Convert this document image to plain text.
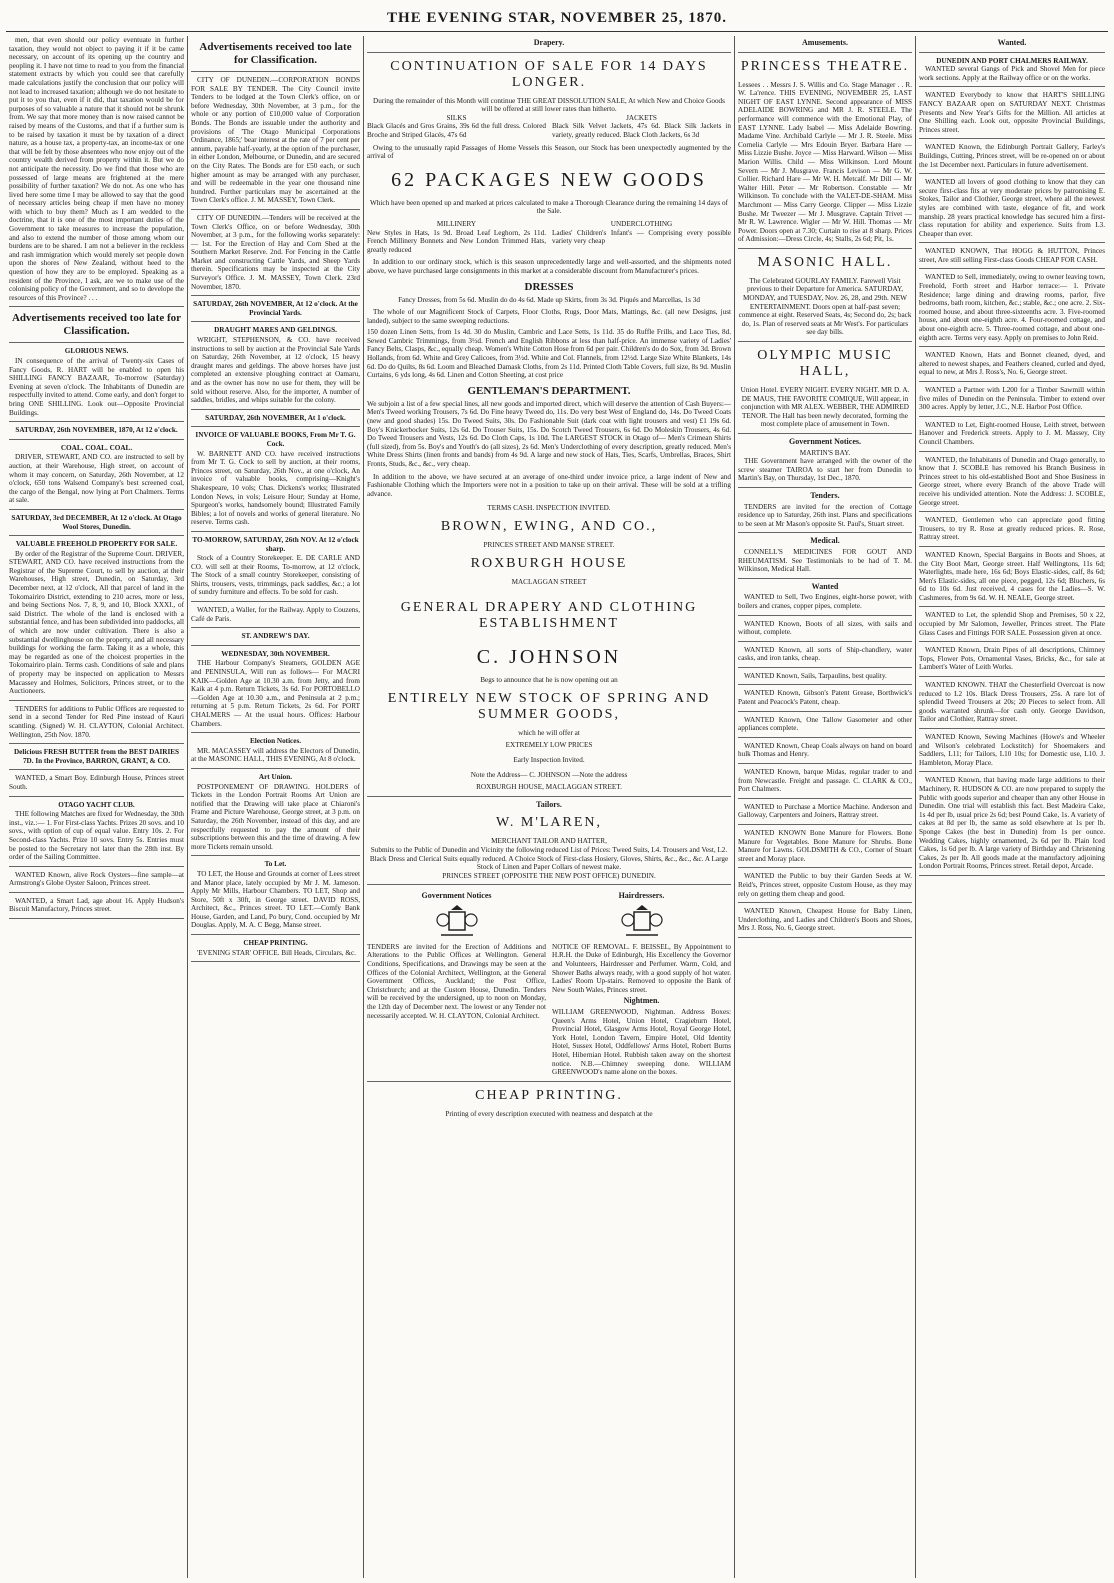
THE EVENING STAR, NOVEMBER 25, 1870.

men, that even should our policy eventuate in further taxation, they would not object to paying it if it be came necessary, on account of its opening up the country and peopling it. I have not time to read to you from the financial statement extracts by which you could see that carefully made calculations justify the conclusion that our policy will not lead to increased taxation; although we do not hesitate to put it to you that, even if it did, that taxation would be for purposes of so valuable a nature that it should not be shrunk from. We say that more money than is now raised cannot be raised by means of the Customs, and that if a further sum is to be raised by taxation it must be by taxation of a direct nature, as a house tax, a property-tax, an income-tax or one that will be felt by those absentees who now enjoy out of the country wealth derived from property within it. But we do not anticipate the necessity. Do we find that those who are possessed of large means are frightened at the mere possibility of further taxation? We do not. As one who has lived here some time I may be allowed to say that the good of necessary articles being cheap if men have no money with which to buy them? Much as I am wedded to the doctrine, that it is one of the most important duties of the Government to take measures to increase the population, and also to extend the number of those among whom our burdens are to be shared. I am not a believer in the reckless and rash immigration which would merely set people down upon the shores of New Zealand, without heed to the question of how they are to be employed. Speaking as a resident of the Province, I ask, are we to make use of the colonising policy of the Government, and so to develope the resources of this Province? . . .

Advertisements received too late for Classification.
GLORIOUS NEWS.

IN consequence of the arrival of Twenty-six Cases of Fancy Goods, R. HART will be enabled to open his SHILLING FANCY BAZAAR, To-morrow (Saturday) Evening at seven o'clock. The Inhabitants of Dunedin are respectfully invited to attend. Come early, and don't forget to bring ONE SHILLING. Look out—Opposite Provincial Buildings.

SATURDAY, 26th NOVEMBER, 1870, At 12 o'clock.
COAL. COAL. COAL.

DRIVER, STEWART, AND CO. are instructed to sell by auction, at their Warehouse, High street, on account of whom it may concern, on Saturday, 26th November, at 12 o'clock, 650 tons Walsend Company's best screened coal, the cargo of the Bengal, now lying at Port Chalmers. Terms at sale.

SATURDAY, 3rd DECEMBER, At 12 o'clock. At Otago Wool Stores, Dunedin.
VALUABLE FREEHOLD PROPERTY FOR SALE.

By order of the Registrar of the Supreme Court. DRIVER, STEWART, AND CO. have received instructions from the Registrar of the Supreme Court, to sell by auction, at their Warehouses, High street, Dunedin, on Saturday, 3rd December next, at 12 o'clock, All that parcel of land in the Tokomairiro District, extending to 210 acres, more or less, and being Sections Nos. 7, 8, 9, and 10, Block XXXI., of said District. The whole of the land is enclosed with a substantial fence, and has been subdivided into paddocks, all of which are now under cultivation. There is also a substantial dwellinghouse on the property, and all necessary buildings for working the farm. Taking it as a whole, this may be regarded as one of the choicest properties in the Tokomairiro plain. Terms cash. Conditions of sale and plans of property may be inspected on application to Messrs Macassey and Holmes, Solicitors, Princes street, or to the Auctioneers.

TENDERS for additions to Public Offices are requested to send in a second Tender for Red Pine instead of Kauri scantling. (Signed) W. H. CLAYTON, Colonial Architect. Wellington, 25th Nov. 1870.

Delicious FRESH BUTTER from the BEST DAIRIES 7D. In the Province, BARRON, GRANT, & CO.

WANTED, a Smart Boy. Edinburgh House, Princes street South.

OTAGO YACHT CLUB.

THE following Matches are fixed for Wednesday, the 30th inst., viz.:— 1. For First-class Yachts. Prizes 20 sovs. and 10 sovs., with option of cup of equal value. Entry 10s. 2. For Second-class Yachts. Prize 10 sovs. Entry 5s. Entries must be posted to the Secretary not later than the 28th inst. By order of the Sailing Committee.

WANTED Known, alive Rock Oysters—fine sample—at Armstrong's Globe Oyster Saloon, Princes street.

WANTED, a Smart Lad, age about 16. Apply Hudson's Biscuit Manufactory, Princes street.

Advertisements received too late for Classification.

CITY OF DUNEDIN.—CORPORATION BONDS FOR SALE BY TENDER. The City Council invite Tenders to be lodged at the Town Clerk's office, on or before Wednesday, 30th November, at 3 p.m., for the whole or any portion of £10,000 value of Corporation Bonds. The Bonds are issuable under the authority and provisions of 'The Otago Municipal Corporations Ordinance, 1865;' bear interest at the rate of 7 per cent per annum, payable half-yearly, at the option of the purchaser, in either London, Melbourne, or Dunedin, and are secured on the City Rates. The Bonds are for £50 each, or such higher amount as may be arranged with any purchaser, and will be redeemable in the year one thousand nine hundred. Further particulars may be ascertained at the Town Clerk's office. J. M. MASSEY, Town Clerk.

CITY OF DUNEDIN.—Tenders will be received at the Town Clerk's Office, on or before Wednesday, 30th November, at 3 p.m., for the following works separately:— 1st. For the Erection of Hay and Corn Shed at the Southern Market Reserve. 2nd. For Fencing in the Cattle Market and constructing Cattle Yards, and Sheep Yards therein. Specifications may be inspected at the City Surveyor's Office. J. M. MASSEY, Town Clerk. 23rd November, 1870.

SATURDAY, 26th NOVEMBER, At 12 o'clock. At the Provincial Yards.
DRAUGHT MARES AND GELDINGS.

WRIGHT, STEPHENSON, & CO. have received instructions to sell by auction at the Provincial Sale Yards on Saturday, 26th November, at 12 o'clock, 15 heavy draught mares and geldings. The above horses have just completed an extensive ploughing contract at Oamaru, and as the owner has now no use for them, they will be sold without reserve. Also, for the importer, A number of saddles, bridles, and whips suitable for the colony.

SATURDAY, 26th NOVEMBER, At 1 o'clock.
INVOICE OF VALUABLE BOOKS, From Mr T. G. Cock.

W. BARNETT AND CO. have received instructions from Mr T. G. Cock to sell by auction, at their rooms, Princes street, on Saturday, 26th Nov., at one o'clock, An invoice of valuable books, comprising—Knight's Shakespeare, 10 vols; Chas. Dickens's works; Illustrated London News, in vols; Leisure Hour; Sunday at Home, Spurgeon's works, handsomely bound; Illustrated Family Bibles; a lot of novels and works of general literature. No reserve. Terms cash.

TO-MORROW, SATURDAY, 26th NOV. At 12 o'clock sharp.

Stock of a Country Storekeeper. E. DE CARLE AND CO. will sell at their Rooms, To-morrow, at 12 o'clock, The Stock of a small country Storekeeper, consisting of Shirts, trousers, vests, trimmings, pack saddles, &c.; a lot of sundry furniture and effects. To be sold for cash.

WANTED, a Waller, for the Railway. Apply to Couzens, Café de Paris.

ST. ANDREW'S DAY.
WEDNESDAY, 30th NOVEMBER.

THE Harbour Company's Steamers, GOLDEN AGE and PENINSULA, Will run as follows— For MACRI KAIK—Golden Age at 10.30 a.m. from Jetty, and from Kaik at 4 p.m. Return Tickets, 3s 6d. For PORTOBELLO—Golden Age at 10.30 a.m., and Peninsula at 2 p.m.; returning at 5 p.m. Return Tickets, 2s 6d. For PORT CHALMERS — At the usual hours. Offices: Harbour Chambers.

Election Notices.

MR. MACASSEY will address the Electors of Dunedin, at the MASONIC HALL, THIS EVENING, At 8 o'clock.

Art Union.

POSTPONEMENT OF DRAWING. HOLDERS of Tickets in the London Portrait Rooms Art Union are notified that the Drawing will take place at Chiaroni's Frame and Picture Warehouse, George street, at 3 p.m. on Saturday, the 26th November, instead of this day, and are respectfully requested to pay the amount of their subscriptions between this and the time of drawing. A few more Tickets remain unsold.

To Let.

TO LET, the House and Grounds at corner of Lees street and Manor place, lately occupied by Mr J. M. Jameson. Apply Mr Mills, Harbour Chambers. TO LET, Shop and Store, 50ft x 30ft, in George street. DAVID ROSS, Architect, &c., Princes street. TO LET.—Comfy Bank House, Garden, and Land, Po bury, Cond. occupied by Mr Douglas. Apply, M. A. C Begg, Manse street.

CHEAP PRINTING.

'EVENING STAR' OFFICE. Bill Heads, Circulars, &c.

Drapery.
CONTINUATION OF SALE FOR 14 DAYS LONGER.
During the remainder of this Month will continue THE GREAT DISSOLUTION SALE, At which New and Choice Goods will be offered at still lower rates than hitherto.
SILKS
Black Glacés and Gros Grains, 39s 6d the full dress. Colored Broche and Striped Glacés, 47s 6d
JACKETS
Black Silk Velvet Jackets, 47s 6d. Black Silk Jackets in variety, greatly reduced. Black Cloth Jackets, 6s 3d

Owing to the unusually rapid Passages of Home Vessels this Season, our Stock has been unexpectedly augmented by the arrival of

62 PACKAGES NEW GOODS
Which have been opened up and marked at prices calculated to make a Thorough Clearance during the remaining 14 days of the Sale.
MILLINERY
New Styles in Hats, 1s 9d. Broad Leaf Leghorn, 2s 11d. French Millinery Bonnets and New London Trimmed Hats, greatly reduced
UNDERCLOTHING
Ladies' Children's Infant's — Comprising every possible variety very cheap

In addition to our ordinary stock, which is this season unprecedentedly large and well-assorted, and the shipments noted above, we have purchased large consignments in this market at a considerable discount from Manufacturer's prices.

DRESSES
Fancy Dresses, from 5s 6d. Muslin do do 4s 6d. Made up Skirts, from 3s 3d. Piqués and Marcellas, 1s 3d

The whole of our Magnificent Stock of Carpets, Floor Cloths, Rugs, Door Mats, Mattings, &c. (all new Designs, just landed), subject to the same sweeping reductions.

150 dozen Linen Setts, from 1s 4d. 30 do Muslin, Cambric and Lace Setts, 1s 11d. 35 do Ruffle Frills, and Lace Ties, 8d. Sewed Cambric Trimmings, from 3½d. French and English Ribbons at less than half-price. An immense variety of Ladies' Fancy Belts, Clasps, &c., equally cheap. Women's White Cotton Hose from 6d per pair. Children's do do Sox, from 3d. Brown Hollands, from 6d. White and Grey Calicoes, from 3½d. White and Col. Flannels, from 12½d. Large Size White Blankets, 14s 6d. Do do Quilts, 8s 6d. Loom and Bleached Damask Cloths, from 2s 11d. Printed Cloth Table Covers, full size, 8s 9d. Muslin Curtains, 6 yds long, 4s 6d. Linen and Cotton Sheeting, at cost price
GENTLEMAN'S DEPARTMENT.
We subjoin a list of a few special lines, all new goods and imported direct, which will deserve the attention of Cash Buyers:— Men's Tweed working Trousers, 7s 6d. Do Fine heavy Tweed do, 11s. Do very best West of England do, 14s. Do Tweed Coats (new and good shades) 15s. Do Tweed Suits, 30s. Do Fashionable Suit (dark coat with light trousers and vest) £1 19s 6d. Boy's Knickerbocker Suits, 12s 6d. Do Trouser Suits, 15s. Do Scotch Tweed Trousers, 6s 6d. Do Moleskin Trousers, 4s 6d. Do Tweed Trousers and Vests, 12s 6d. Do Cloth Caps, 1s 10d. The LARGEST STOCK in Otago of— Men's Crimean Shirts (full sized), from 5s. Boy's and Youth's do (all sizes), 2s 6d. Men's Underclothing of every description, greatly reduced. Men's White Dress Shirts (linen fronts and bands) from 4s 9d. A large and new stock of Hats, Ties, Scarfs, Umbrellas, Braces, Shirt Fronts, Studs, &c., &c., very cheap.

In addition to the above, we have secured at an average of one-third under invoice price, a large indent of New and Fashionable Clothing which the Importers were not in a position to take up on their arrival. These will be sold at a trifling advance.

TERMS CASH. INSPECTION INVITED.
BROWN, EWING, AND CO.,
PRINCES STREET AND MANSE STREET.
ROXBURGH HOUSE
MACLAGGAN STREET
GENERAL DRAPERY AND CLOTHING ESTABLISHMENT
C. JOHNSON
Begs to announce that he is now opening out an
ENTIRELY NEW STOCK OF SPRING AND SUMMER GOODS,
which he will offer at
EXTREMELY LOW PRICES
Early Inspection Invited.
Note the Address— C. JOHNSON —Note the address
ROXBURGH HOUSE, MACLAGGAN STREET.
Tailors.
W. M'LAREN,
MERCHANT TAILOR AND HATTER,
Submits to the Public of Dunedin and Vicinity the following reduced List of Prices: Tweed Suits, L4. Trousers and Vest, L2. Black Dress and Clerical Suits equally reduced. A Choice Stock of First-class Hosiery, Gloves, Shirts, &c., &c., &c. A Large Stock of Linen and Paper Collars of newest make.
PRINCES STREET (OPPOSITE THE NEW POST OFFICE) DUNEDIN.
Government Notices
TENDERS are invited for the Erection of Additions and Alterations to the Public Offices at Wellington. General Conditions, Specifications, and Drawings may be seen at the Offices of the Colonial Architect, Wellington, at the General Government Offices, Auckland; the Post Office, Christchurch; and at the Custom House, Dunedin. Tenders will be received by the undersigned, up to noon on Monday, the 12th day of December next. The lowest or any Tender not necessarily accepted. W. H. CLAYTON, Colonial Architect.
Hairdressers.
NOTICE OF REMOVAL. F. BEISSEL, By Appointment to H.R.H. the Duke of Edinburgh, His Excellency the Governor and Volunteers, Hairdresser and Perfumer. Warm, Cold, and Shower Baths always ready, with a good supply of hot water. Ladies' Room Up-stairs. Removed to opposite the Bank of New South Wales, Princes street.
Nightmen.
WILLIAM GREENWOOD, Nightman. Address Boxes: Queen's Arms Hotel, Union Hotel, Cragieburn Hotel, Provincial Hotel, Glasgow Arms Hotel, Royal George Hotel, York Hotel, London Tavern, Empire Hotel, Old Identity Hotel, Sussex Hotel, Oddfellows' Arms Hotel, Robert Burns Hotel, Hibernian Hotel. Rubbish taken away on the shortest notice. N.B.—Chimney sweeping done. WILLIAM GREENWOOD's name alone on the boxes.
CHEAP PRINTING.
Printing of every description executed with neatness and despatch at the
Amusements.
PRINCESS THEATRE.
Lessees . . Messrs J. S. Willis and Co. Stage Manager . . R. W. La'rence. THIS EVENING, NOVEMBER 25, LAST NIGHT OF EAST LYNNE. Second appearance of MISS ADELAIDE BOWRING and MR J. R. STEELE. The performance will commence with the Emotional Play, of EAST LYNNE. Lady Isabel — Miss Adelaide Bowring. Madame Vine. Archibald Carlyle — Mr J. R. Steele. Miss Cornelia Carlyle — Mrs Edouin Bryer. Barbara Hare — Miss Lizzie Bushe. Joyce — Miss Harward. Wilson — Miss Marion Willis. Child — Miss Wilkinson. Lord Mount Severn — Mr J. Musgrave. Francis Levison — Mr G. W. Collier. Richard Hare — Mr W. H. Metcalf. Mr Dill — Mr Walter Hill. Peter — Mr Robertson. Constable — Mr Wilkinson. To conclude with the VALET-DE-SHAM. Miss Marchmont — Miss Carry George. Clipper — Miss Lizzie Bushe. Mr Tweezer — Mr J. Musgrave. Captain Trivet — Mr R. W. Lawrence. Wigler — Mr W. Hill. Thomas — Mr Power. Doors open at 7.30; Curtain to rise at 8 sharp. Prices of Admission:—Dress Circle, 4s; Stalls, 2s 6d; Pit, 1s.
MASONIC HALL.
The Celebrated GOURLAY FAMILY. Farewell Visit previous to their Departure for America. SATURDAY, MONDAY, and TUESDAY, Nov. 26, 28, and 29th. NEW ENTERTAINMENT. Doors open at half-past seven; commence at eight. Reserved Seats, 4s; Second do, 2s; back do, 1s. Plan of reserved seats at Mr West's. For particulars see day bills.
OLYMPIC MUSIC HALL,
Union Hotel. EVERY NIGHT. EVERY NIGHT. MR D. A. DE MAUS, THE FAVORITE COMIQUE, Will appear, in conjunction with MR ALEX. WEBBER, THE ADMIRED TENOR. The Hall has been newly decorated, forming the most complete place of amusement in Town.
Government Notices.
MARTIN'S BAY.

THE Government have arranged with the owner of the screw steamer TAIROA to start her from Dunedin to Martin's Bay, on Thursday, 1st Dec., 1870.

Tenders.

TENDERS are invited for the erection of Cottage residence up to Saturday, 26th inst. Plans and specifications to be seen at Mr Mason's opposite St. Paul's, Stuart street.

Medical.

CONNELL'S MEDICINES FOR GOUT AND RHEUMATISM. See Testimonials to be had of T. M. Wilkinson, Medical Hall.

Wanted

WANTED to Sell, Two Engines, eight-horse power, with boilers and cranes, copper pipes, complete.

WANTED Known, Boots of all sizes, with sails and without, complete.

WANTED Known, all sorts of Ship-chandlery, water casks, and iron tanks, cheap.

WANTED Known, Sails, Tarpaulins, best quality.

WANTED Known, Gibson's Patent Grease, Borthwick's Patent and Peacock's Patent, cheap.

WANTED Known, One Tallow Gasometer and other appliances complete.

WANTED Known, Cheap Coals always on hand on board hulk Thomas and Henry.

WANTED Known, barque Midas, regular trader to and from Newcastle. Freight and passage. C. CLARK & CO., Port Chalmers.

WANTED to Purchase a Mortice Machine. Anderson and Galloway, Carpenters and Joiners, Rattray street.

WANTED KNOWN Bone Manure for Flowers. Bone Manure for Vegetables. Bone Manure for Shrubs. Bone Manure for Lawns. GOLDSMITH & CO., Corner of Stuart street and Moray place.

WANTED the Public to buy their Garden Seeds at W. Reid's, Princes street, opposite Custom House, as they may rely on getting them cheap and good.

WANTED Known, Cheapest House for Baby Linen, Underclothing, and Ladies and Children's Boots and Shoes, Mrs J. Ross, No. 6, George street.

Wanted.
DUNEDIN AND PORT CHALMERS RAILWAY.

WANTED several Gangs of Pick and Shovel Men for piece work sections. Apply at the Railway office or on the works.

WANTED Everybody to know that HART'S SHILLING FANCY BAZAAR open on SATURDAY NEXT. Christmas Presents and New Year's Gifts for the Million. All articles at One Shilling each. Look out, opposite Provincial Buildings, Princes street.

WANTED Known, the Edinburgh Portrait Gallery, Farley's Buildings, Cutting, Princes street, will be re-opened on or about the 1st December next. Particulars in future advertisement.

WANTED all lovers of good clothing to know that they can secure first-class fits at very moderate prices by patronising E. Stokes, Tailor and Clothier, George street, where all the newest styles are combined with taste, elegance of fit, and work manship. 28 years practical knowledge has secured him a first-class reputation for ability and experience. Suits from L3. Cheaper than ever.

WANTED KNOWN, That HOGG & HUTTON, Princes street, Are still selling First-class Goods CHEAP FOR CASH.

WANTED to Sell, immediately, owing to owner leaving town, Freehold, Forth street and Harbor terrace:— 1. Private Residence; large dining and drawing rooms, parlor, five bedrooms, bath room, kitchen, &c.; stable, &c.; one acre. 2. Six-roomed house, and about three-sixteenths acre. 3. Five-roomed house, and about one-eighth acre. 4. Four-roomed cottage, and about one-eighth acre. 5. Three-roomed cottage, and about one-eighth acre. Terms very easy. Apply on premises to John Reid.

WANTED Known, Hats and Bonnet cleaned, dyed, and altered to newest shapes, and Feathers cleaned, curled and dyed, equal to new, at Mrs J. Ross's, No. 6, George street.

WANTED a Partner with L200 for a Timber Sawmill within five miles of Dunedin on the Peninsula. Timber to extend over 300 acres. Apply by letter, J.C., N.E. Harbor Post Office.

WANTED to Let, Eight-roomed House, Leith street, between Hanover and Frederick streets. Apply to J. M. Massey, City Council Chambers.

WANTED, the Inhabitants of Dunedin and Otago generally, to know that J. SCOBLE has removed his Branch Business in Princes street to his old-established Boot and Shoe Business in George street, where every Branch of the above Trade will receive his undivided attention. Note the Address: J. SCOBLE, George street.

WANTED, Gentlemen who can appreciate good fitting Trousers, to try R. Rose at greatly reduced prices. R. Rose, Rattray street.

WANTED Known, Special Bargains in Boots and Shoes, at the City Boot Mart, George street. Half Wellingtons, 11s 6d; Waterlights, made here, 16s 6d; Boys Elastic-sides, calf, 8s 6d; Men's Elastic-sides, all one piece, pegged, 12s 6d; Bluchers, 6s 6d to 10s 6d. Just received, 4 cases for the Ladies—S. W. Cashmeres, from 9s 6d. W. H. NEALE, George street.

WANTED to Let, the splendid Shop and Premises, 50 x 22, occupied by Mr Salomon, Jeweller, Princes street. The Plate Glass Cases and Fittings FOR SALE. Possession given at once.

WANTED Known, Drain Pipes of all descriptions, Chimney Tops, Flower Pots, Ornamental Vases, Bricks, &c., for sale at Lambert's Water of Leith Works.

WANTED KNOWN. THAT the Chesterfield Overcoat is now reduced to L2 10s. Black Dress Trousers, 25s. A rare lot of splendid Tweed Trousers at 20s; 20 Pieces to select from. All goods warranted shrunk—for cash only. George Davidson, Tailor and Clothier, Rattray street.

WANTED Known, Sewing Machines (Howe's and Wheeler and Wilson's celebrated Lockstitch) for Shoemakers and Saddlers, L11; for Tailors, L10 10s; for Domestic use, L10. J. Hambleton, Moray Place.

WANTED Known, that having made large additions to their Machinery, R. HUDSON & CO. are now prepared to supply the Public with goods superior and cheaper than any other House in Dunedin. One trial will establish this fact. Best Madeira Cake, 1s 4d per lb, usual price 2s 6d; best Pound Cake, 1s. A variety of cakes at 8d per lb, the same as sold elsewhere at 1s per lb. Sponge Cakes (the best in Dunedin) from 1s per ounce. Wedding Cakes, highly ornamented, 2s 6d per lb. Plain Iced Cakes, 1s 6d per lb. A large variety of Birthday and Christening Cakes, 2s per lb. All goods made at the manufactory adjoining London Portrait Rooms, Princes street. Retail depot, Arcade.
